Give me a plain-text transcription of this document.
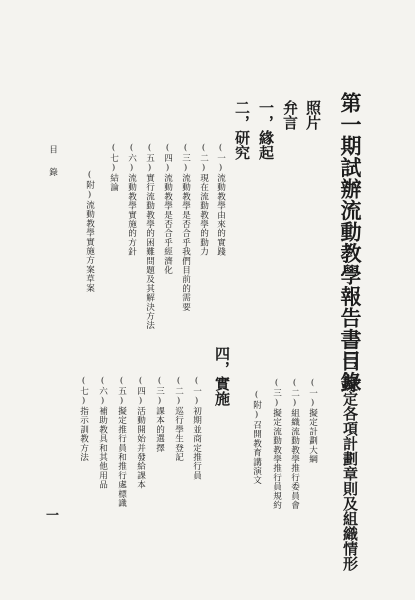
第一期試辦流動教學報告書目錄
照片
弁言
一，緣起
二，研究
(一)流動教學由來的實踐
(二)現在流動教學的動力
(三)流動教學是否合乎我們目前的需要
(四)流動教學是否合乎經濟化
(五)實行流動教學的困難問題及其解決方法
(六)流動教學實施的方針
(七)結論
(附)流動教學實施方案草案
三，擬定各項計劃章則及組織情形
(一)擬定計劃大綱
(二)組織流動教學推行委員會
(三)擬定流動教學推行員規約
(附)召開教育講演文
四，實施
(一)初期並商定推行員
(二)巡行學生登記
(三)課本的選擇
(四)活動開始并發給課本
(五)擬定推行員和推行處標識
(六)補助教具和其他用品
(七)指示訓教方法
目錄
一
